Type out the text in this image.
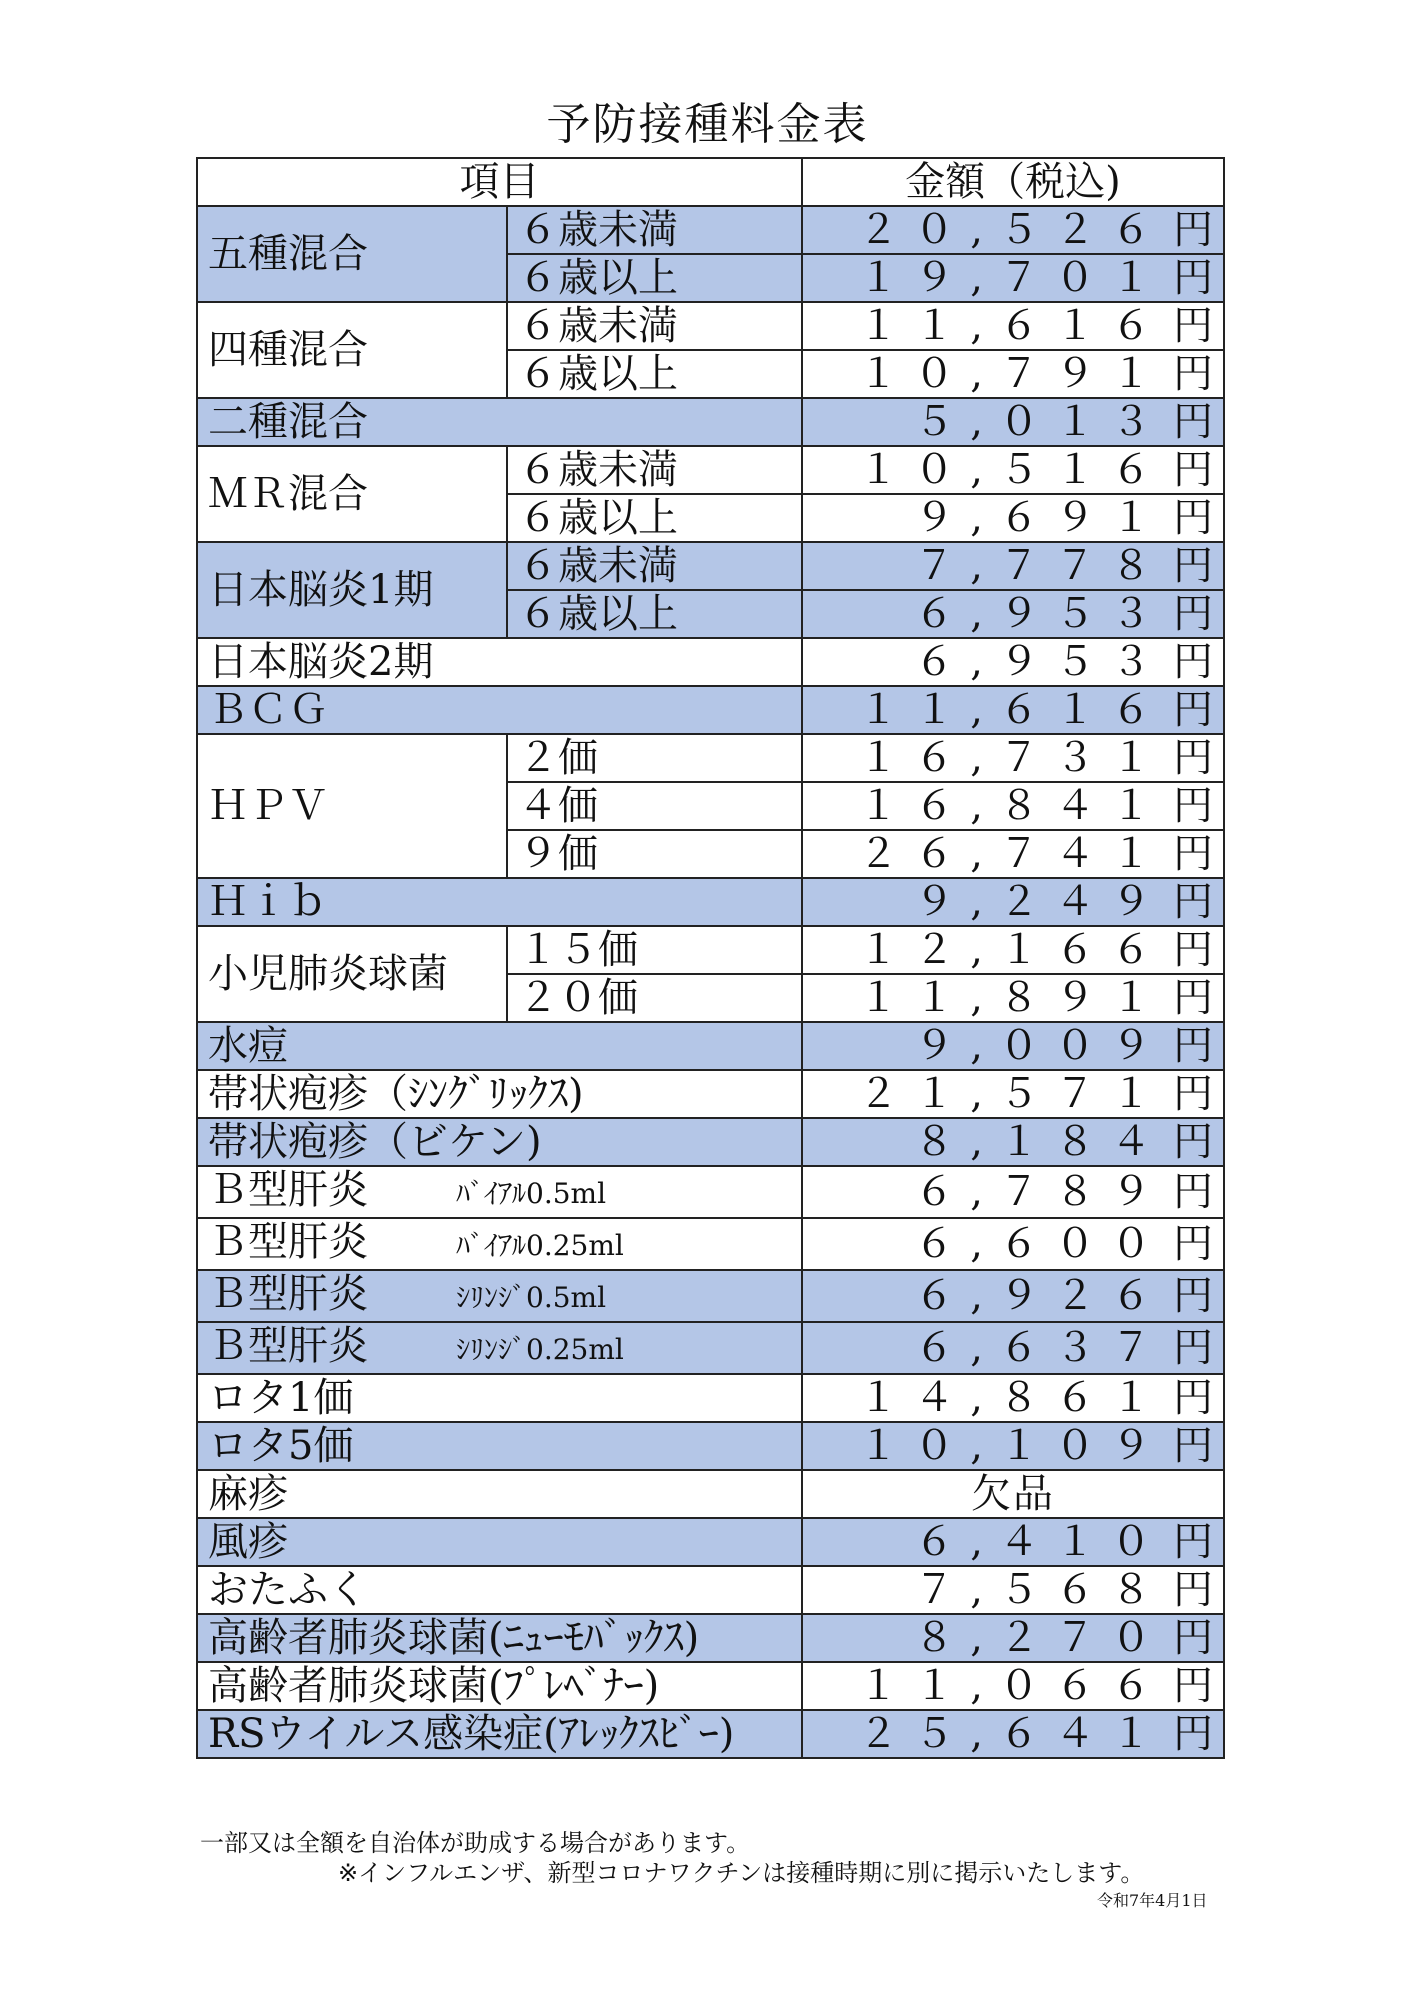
予防接種料金表
項目		金額（税込)
五種混合	６歳未満	２０,５２６ 円
	６歳以上	１９,７０１ 円
四種混合	６歳未満	１１,６１６ 円
	６歳以上	１０,７９１ 円
二種混合		５,０１３ 円
ＭＲ混合	６歳未満	１０,５１６ 円
	６歳以上	９,６９１ 円
日本脳炎1期	６歳未満	７,７７８ 円
	６歳以上	６,９５３ 円
日本脳炎2期		６,９５３ 円
ＢＣＧ		１１,６１６ 円
ＨＰＶ	２価	１６,７３１ 円
	４価	１６,８４１ 円
	９価	２６,７４１ 円
Ｈｉｂ		９,２４９ 円
小児肺炎球菌	１５価	１２,１６６ 円
	２０価	１１,８９１ 円
水痘		９,００９ 円
帯状疱疹（ｼﾝｸﾞﾘｯｸｽ)		２１,５７１ 円
帯状疱疹（ビケン)		８,１８４ 円
Ｂ型肝炎 ﾊﾞｲｱﾙ0.5ml		６,７８９ 円
Ｂ型肝炎 ﾊﾞｲｱﾙ0.25ml		６,６００ 円
Ｂ型肝炎 ｼﾘﾝｼﾞ0.5ml		６,９２６ 円
Ｂ型肝炎 ｼﾘﾝｼﾞ0.25ml		６,６３７ 円
ロタ1価		１４,８６１ 円
ロタ5価		１０,１０９ 円
麻疹		欠品
風疹		６,４１０ 円
おたふく		７,５６８ 円
高齢者肺炎球菌(ﾆｭｰﾓﾊﾞｯｸｽ)		８,２７０ 円
高齢者肺炎球菌(ﾌﾟﾚﾍﾞﾅｰ)		１１,０６６ 円
RSウイルス感染症(ｱﾚｯｸｽﾋﾞｰ)		２５,６４１ 円
一部又は全額を自治体が助成する場合があります。
※インフルエンザ、新型コロナワクチンは接種時期に別に掲示いたします。
令和7年4月1日
